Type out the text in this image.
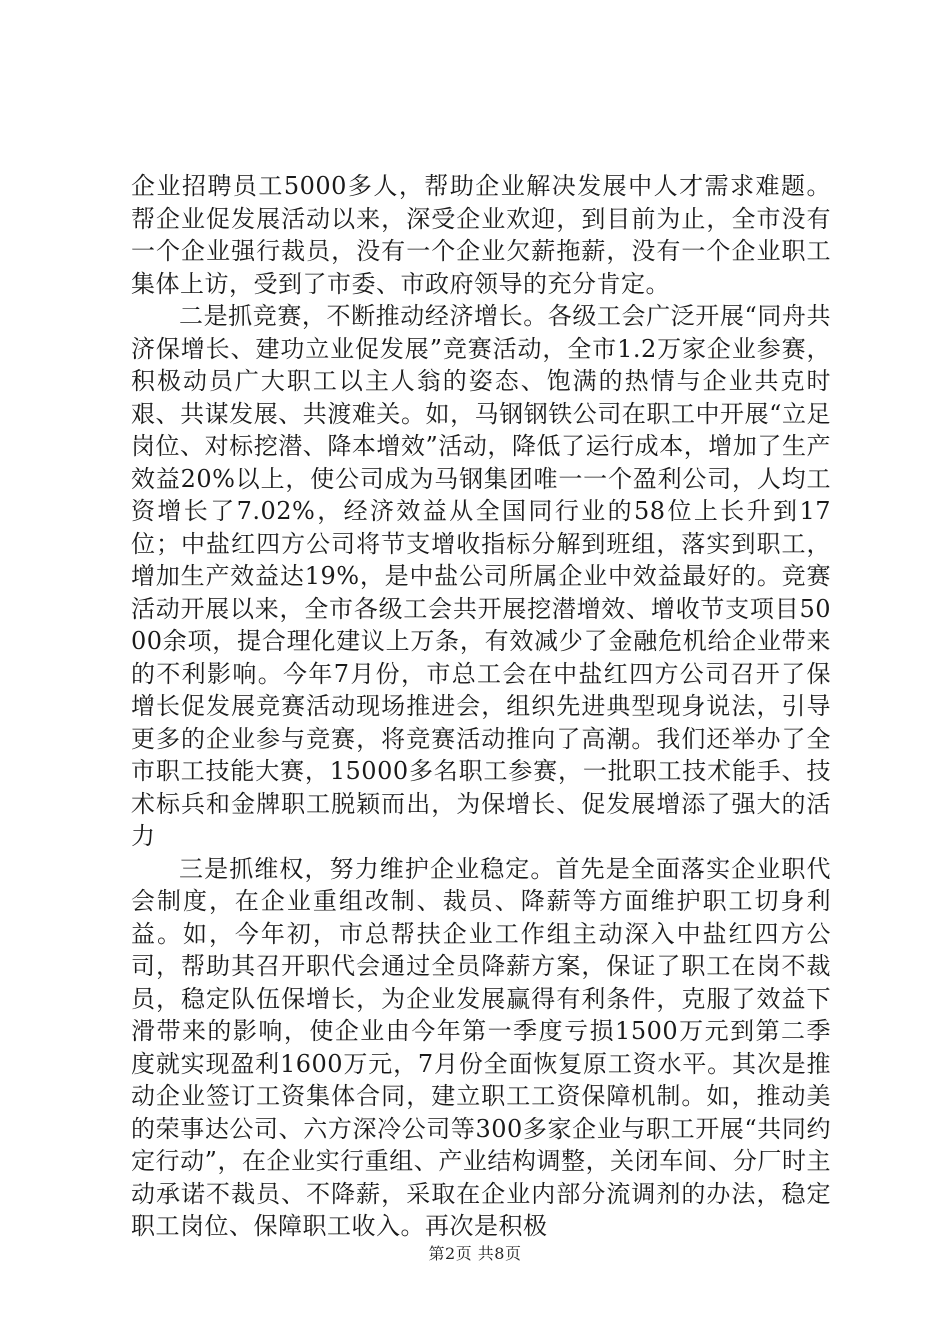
企业招聘员工5000多人，帮助企业解决发展中人才需求难题。帮企业促发展活动以来，深受企业欢迎，到目前为止，全市没有一个企业强行裁员，没有一个企业欠薪拖薪，没有一个企业职工集体上访，受到了市委、市政府领导的充分肯定。

二是抓竞赛，不断推动经济增长。各级工会广泛开展“同舟共济保增长、建功立业促发展”竞赛活动，全市1.2万家企业参赛，积极动员广大职工以主人翁的姿态、饱满的热情与企业共克时艰、共谋发展、共渡难关。如，马钢钢铁公司在职工中开展“立足岗位、对标挖潜、降本增效”活动，降低了运行成本，增加了生产效益20%以上，使公司成为马钢集团唯一一个盈利公司，人均工资增长了7.02%，经济效益从全国同行业的58位上长升到17位；中盐红四方公司将节支增收指标分解到班组，落实到职工，增加生产效益达19%，是中盐公司所属企业中效益最好的。竞赛活动开展以来，全市各级工会共开展挖潜增效、增收节支项目5000余项，提合理化建议上万条，有效减少了金融危机给企业带来的不利影响。今年7月份，市总工会在中盐红四方公司召开了保增长促发展竞赛活动现场推进会，组织先进典型现身说法，引导更多的企业参与竞赛，将竞赛活动推向了高潮。我们还举办了全市职工技能大赛，15000多名职工参赛，一批职工技术能手、技术标兵和金牌职工脱颖而出，为保增长、促发展增添了强大的活力

三是抓维权，努力维护企业稳定。首先是全面落实企业职代会制度，在企业重组改制、裁员、降薪等方面维护职工切身利益。如，今年初，市总帮扶企业工作组主动深入中盐红四方公司，帮助其召开职代会通过全员降薪方案，保证了职工在岗不裁员，稳定队伍保增长，为企业发展赢得有利条件，克服了效益下滑带来的影响，使企业由今年第一季度亏损1500万元到第二季度就实现盈利1600万元，7月份全面恢复原工资水平。其次是推动企业签订工资集体合同，建立职工工资保障机制。如，推动美的荣事达公司、六方深冷公司等300多家企业与职工开展“共同约定行动”，在企业实行重组、产业结构调整，关闭车间、分厂时主动承诺不裁员、不降薪，采取在企业内部分流调剂的办法，稳定职工岗位、保障职工收入。再次是积极

第2页 共8页
